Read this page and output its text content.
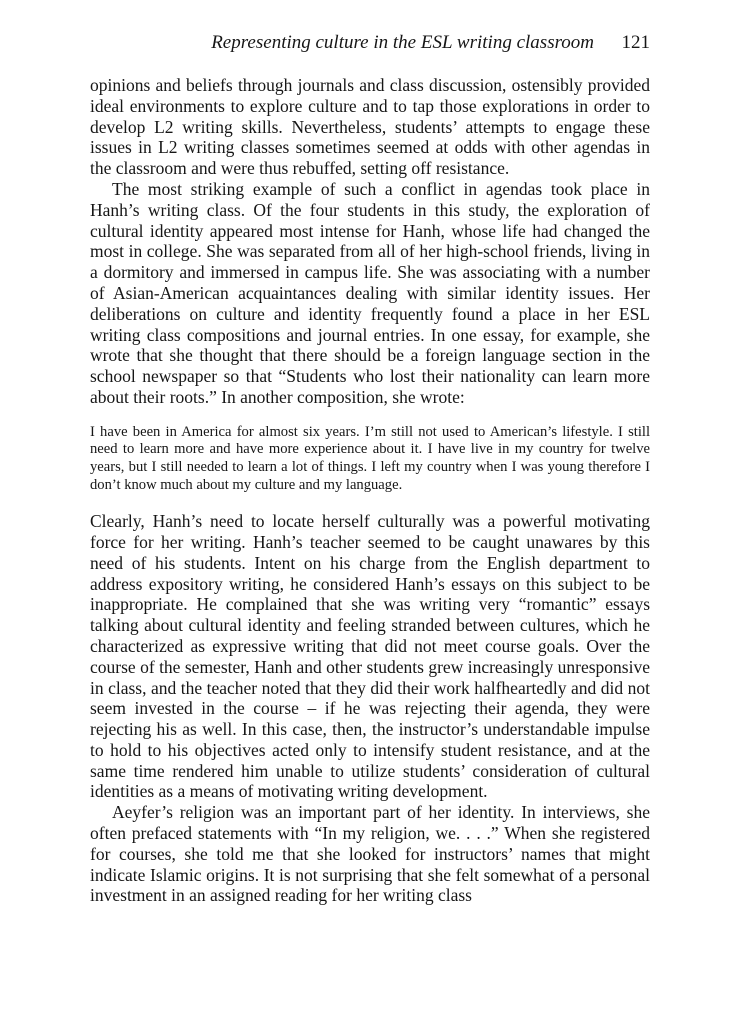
Representing culture in the ESL writing classroom 121

opinions and beliefs through journals and class discussion, ostensibly provided ideal environments to explore culture and to tap those explorations in order to develop L2 writing skills. Nevertheless, students’ attempts to engage these issues in L2 writing classes sometimes seemed at odds with other agendas in the classroom and were thus rebuffed, setting off resistance.

The most striking example of such a conflict in agendas took place in Hanh’s writing class. Of the four students in this study, the exploration of cultural identity appeared most intense for Hanh, whose life had changed the most in college. She was separated from all of her high-school friends, living in a dormitory and immersed in campus life. She was associating with a number of Asian-American acquaintances dealing with similar identity issues. Her deliberations on culture and identity frequently found a place in her ESL writing class compositions and journal entries. In one essay, for example, she wrote that she thought that there should be a foreign language section in the school newspaper so that “Students who lost their nationality can learn more about their roots.” In another composition, she wrote:

I have been in America for almost six years. I’m still not used to American’s lifestyle. I still need to learn more and have more experience about it. I have live in my country for twelve years, but I still needed to learn a lot of things. I left my country when I was young therefore I don’t know much about my culture and my language.

Clearly, Hanh’s need to locate herself culturally was a powerful motivating force for her writing. Hanh’s teacher seemed to be caught unawares by this need of his students. Intent on his charge from the English department to address expository writing, he considered Hanh’s essays on this subject to be inappropriate. He complained that she was writing very “romantic” essays talking about cultural identity and feeling stranded between cultures, which he characterized as expressive writing that did not meet course goals. Over the course of the semester, Hanh and other students grew increasingly unresponsive in class, and the teacher noted that they did their work halfheartedly and did not seem invested in the course – if he was rejecting their agenda, they were rejecting his as well. In this case, then, the instructor’s understandable impulse to hold to his objectives acted only to intensify student resistance, and at the same time rendered him unable to utilize students’ consideration of cultural identities as a means of motivating writing development.

Aeyfer’s religion was an important part of her identity. In interviews, she often prefaced statements with “In my religion, we. . . .” When she registered for courses, she told me that she looked for instructors’ names that might indicate Islamic origins. It is not surprising that she felt somewhat of a personal investment in an assigned reading for her writing class
